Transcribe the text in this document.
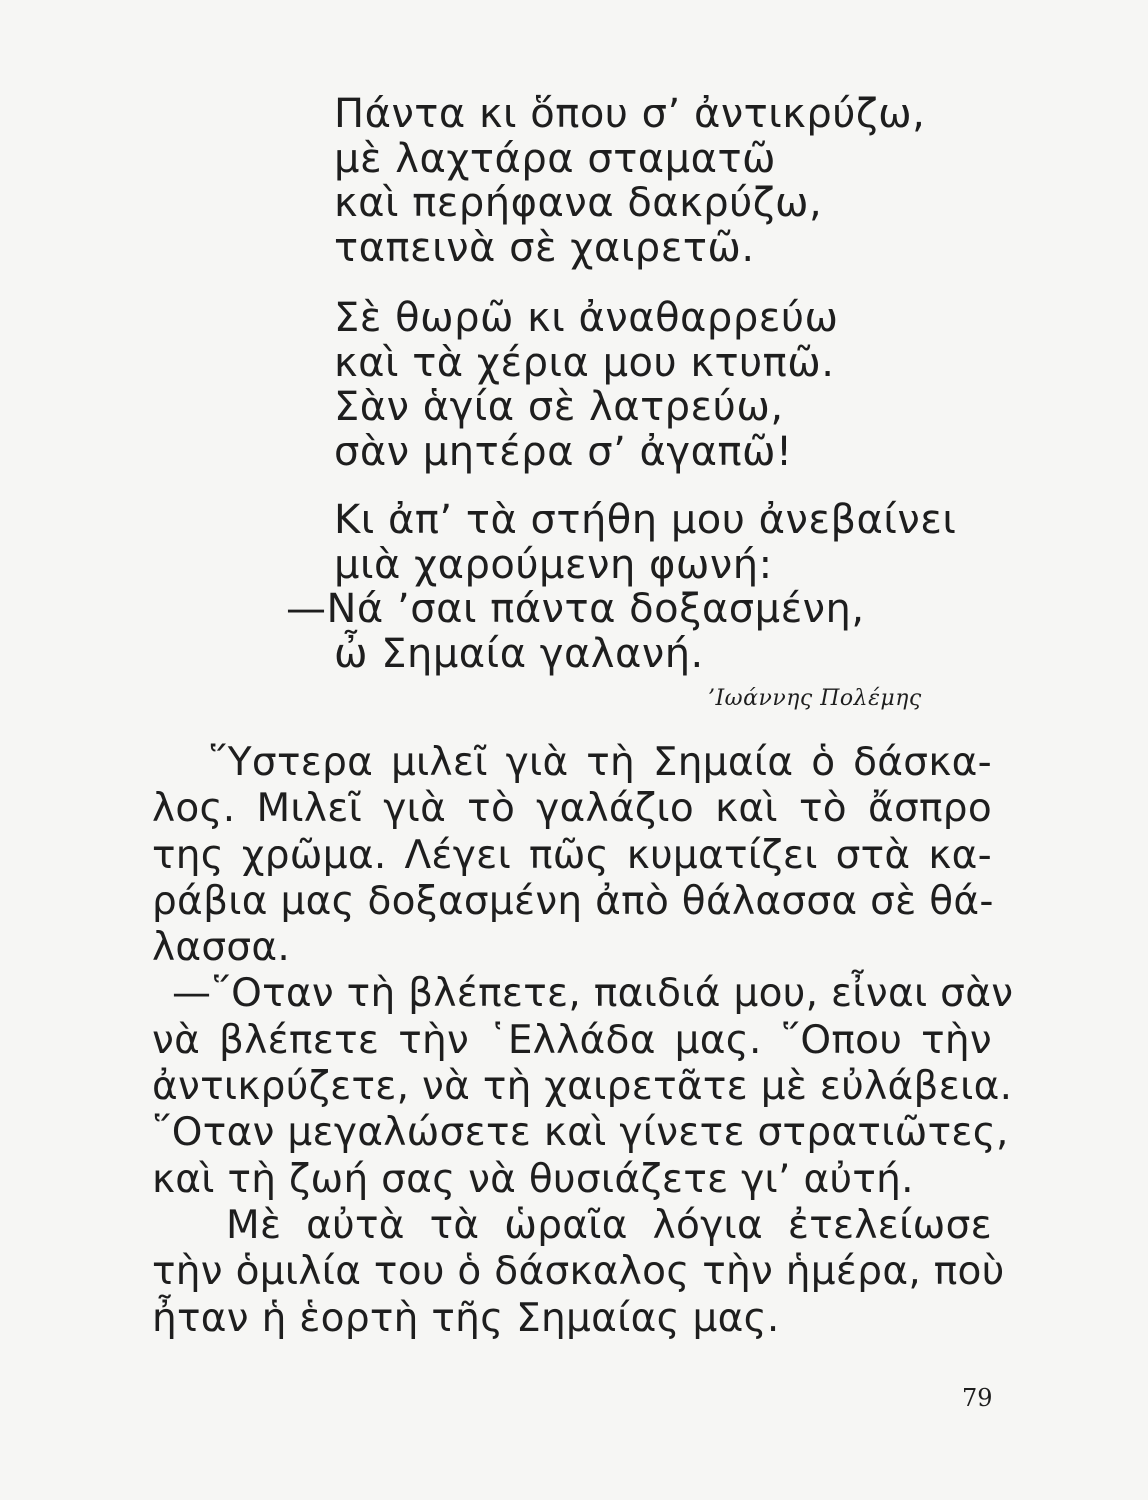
Πάντα κι ὅπου σ’ ἀντικρύζω,
μὲ λαχτάρα σταματῶ
καὶ περήφανα δακρύζω,
ταπεινὰ σὲ χαιρετῶ.
Σὲ θωρῶ κι ἀναθαρρεύω
καὶ τὰ χέρια μου κτυπῶ.
Σὰν ἁγία σὲ λατρεύω,
σὰν μητέρα σ’ ἀγαπῶ!
Κι ἀπ’ τὰ στήθη μου ἀνεβαίνει
μιὰ χαρούμενη φωνή:
—Νά ’σαι πάντα δοξασμένη,
ὦ Σημαία γαλανή.
’Ιωάννης Πολέμης
῞Υστερα μιλεῖ γιὰ τὴ Σημαία ὁ δάσκα-
λος. Μιλεῖ γιὰ τὸ γαλάζιο καὶ τὸ ἄσπρο
της χρῶμα. Λέγει πῶς κυματίζει στὰ κα-
ράβια μας δοξασμένη ἀπὸ θάλασσα σὲ θά-
λασσα.
—῞Οταν τὴ βλέπετε, παιδιά μου, εἶναι σὰν
νὰ βλέπετε τὴν ῾Ελλάδα μας. ῞Οπου τὴν
ἀντικρύζετε, νὰ τὴ χαιρετᾶτε μὲ εὐλάβεια.
῞Οταν μεγαλώσετε καὶ γίνετε στρατιῶτες,
καὶ τὴ ζωή σας νὰ θυσιάζετε γι’ αὐτή.
Μὲ αὐτὰ τὰ ὡραῖα λόγια ἐτελείωσε
τὴν ὁμιλία του ὁ δάσκαλος τὴν ἡμέρα, ποὺ
ἦταν ἡ ἑορτὴ τῆς Σημαίας μας.
79
